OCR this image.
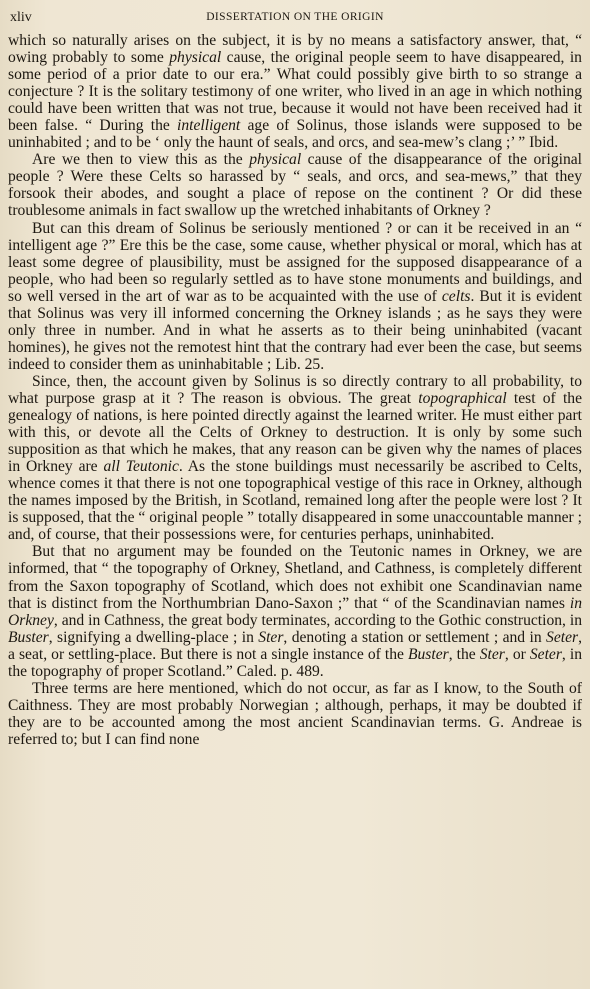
xliv	DISSERTATION ON THE ORIGIN

which so naturally arises on the subject, it is by no means a satisfactory answer, that, “ owing probably to some physical cause, the original people seem to have disappeared, in some period of a prior date to our era.” What could possibly give birth to so strange a conjecture ? It is the solitary testimony of one writer, who lived in an age in which nothing could have been written that was not true, because it would not have been received had it been false. “ During the intelligent age of Solinus, those islands were supposed to be uninhabited ; and to be ‘ only the haunt of seals, and orcs, and sea-mew’s clang ;’ ” Ibid.

Are we then to view this as the physical cause of the disappearance of the original people ? Were these Celts so harassed by “ seals, and orcs, and sea-mews,” that they forsook their abodes, and sought a place of repose on the continent ? Or did these troublesome animals in fact swallow up the wretched inhabitants of Orkney ?

But can this dream of Solinus be seriously mentioned ? or can it be received in an “ intelligent age ?” Ere this be the case, some cause, whether physical or moral, which has at least some degree of plausibility, must be assigned for the supposed disappearance of a people, who had been so regularly settled as to have stone monuments and buildings, and so well versed in the art of war as to be acquainted with the use of celts. But it is evident that Solinus was very ill informed concerning the Orkney islands ; as he says they were only three in number. And in what he asserts as to their being uninhabited (vacant homines), he gives not the remotest hint that the contrary had ever been the case, but seems indeed to consider them as uninhabitable ; Lib. 25.

Since, then, the account given by Solinus is so directly contrary to all probability, to what purpose grasp at it ? The reason is obvious. The great topographical test of the genealogy of nations, is here pointed directly against the learned writer. He must either part with this, or devote all the Celts of Orkney to destruction. It is only by some such supposition as that which he makes, that any reason can be given why the names of places in Orkney are all Teutonic. As the stone buildings must necessarily be ascribed to Celts, whence comes it that there is not one topographical vestige of this race in Orkney, although the names imposed by the British, in Scotland, remained long after the people were lost ? It is supposed, that the “ original people ” totally disappeared in some unaccountable manner ; and, of course, that their possessions were, for centuries perhaps, uninhabited.

But that no argument may be founded on the Teutonic names in Orkney, we are informed, that “ the topography of Orkney, Shetland, and Cathness, is completely different from the Saxon topography of Scotland, which does not exhibit one Scandinavian name that is distinct from the Northumbrian Dano-Saxon ;” that “ of the Scandinavian names in Orkney, and in Cathness, the great body terminates, according to the Gothic construction, in Buster, signifying a dwelling-place ; in Ster, denoting a station or settlement ; and in Seter, a seat, or settling-place. But there is not a single instance of the Buster, the Ster, or Seter, in the topography of proper Scotland.” Caled. p. 489.

Three terms are here mentioned, which do not occur, as far as I know, to the South of Caithness. They are most probably Norwegian ; although, perhaps, it may be doubted if they are to be accounted among the most ancient Scandinavian terms. G. Andreae is referred to; but I can find none
